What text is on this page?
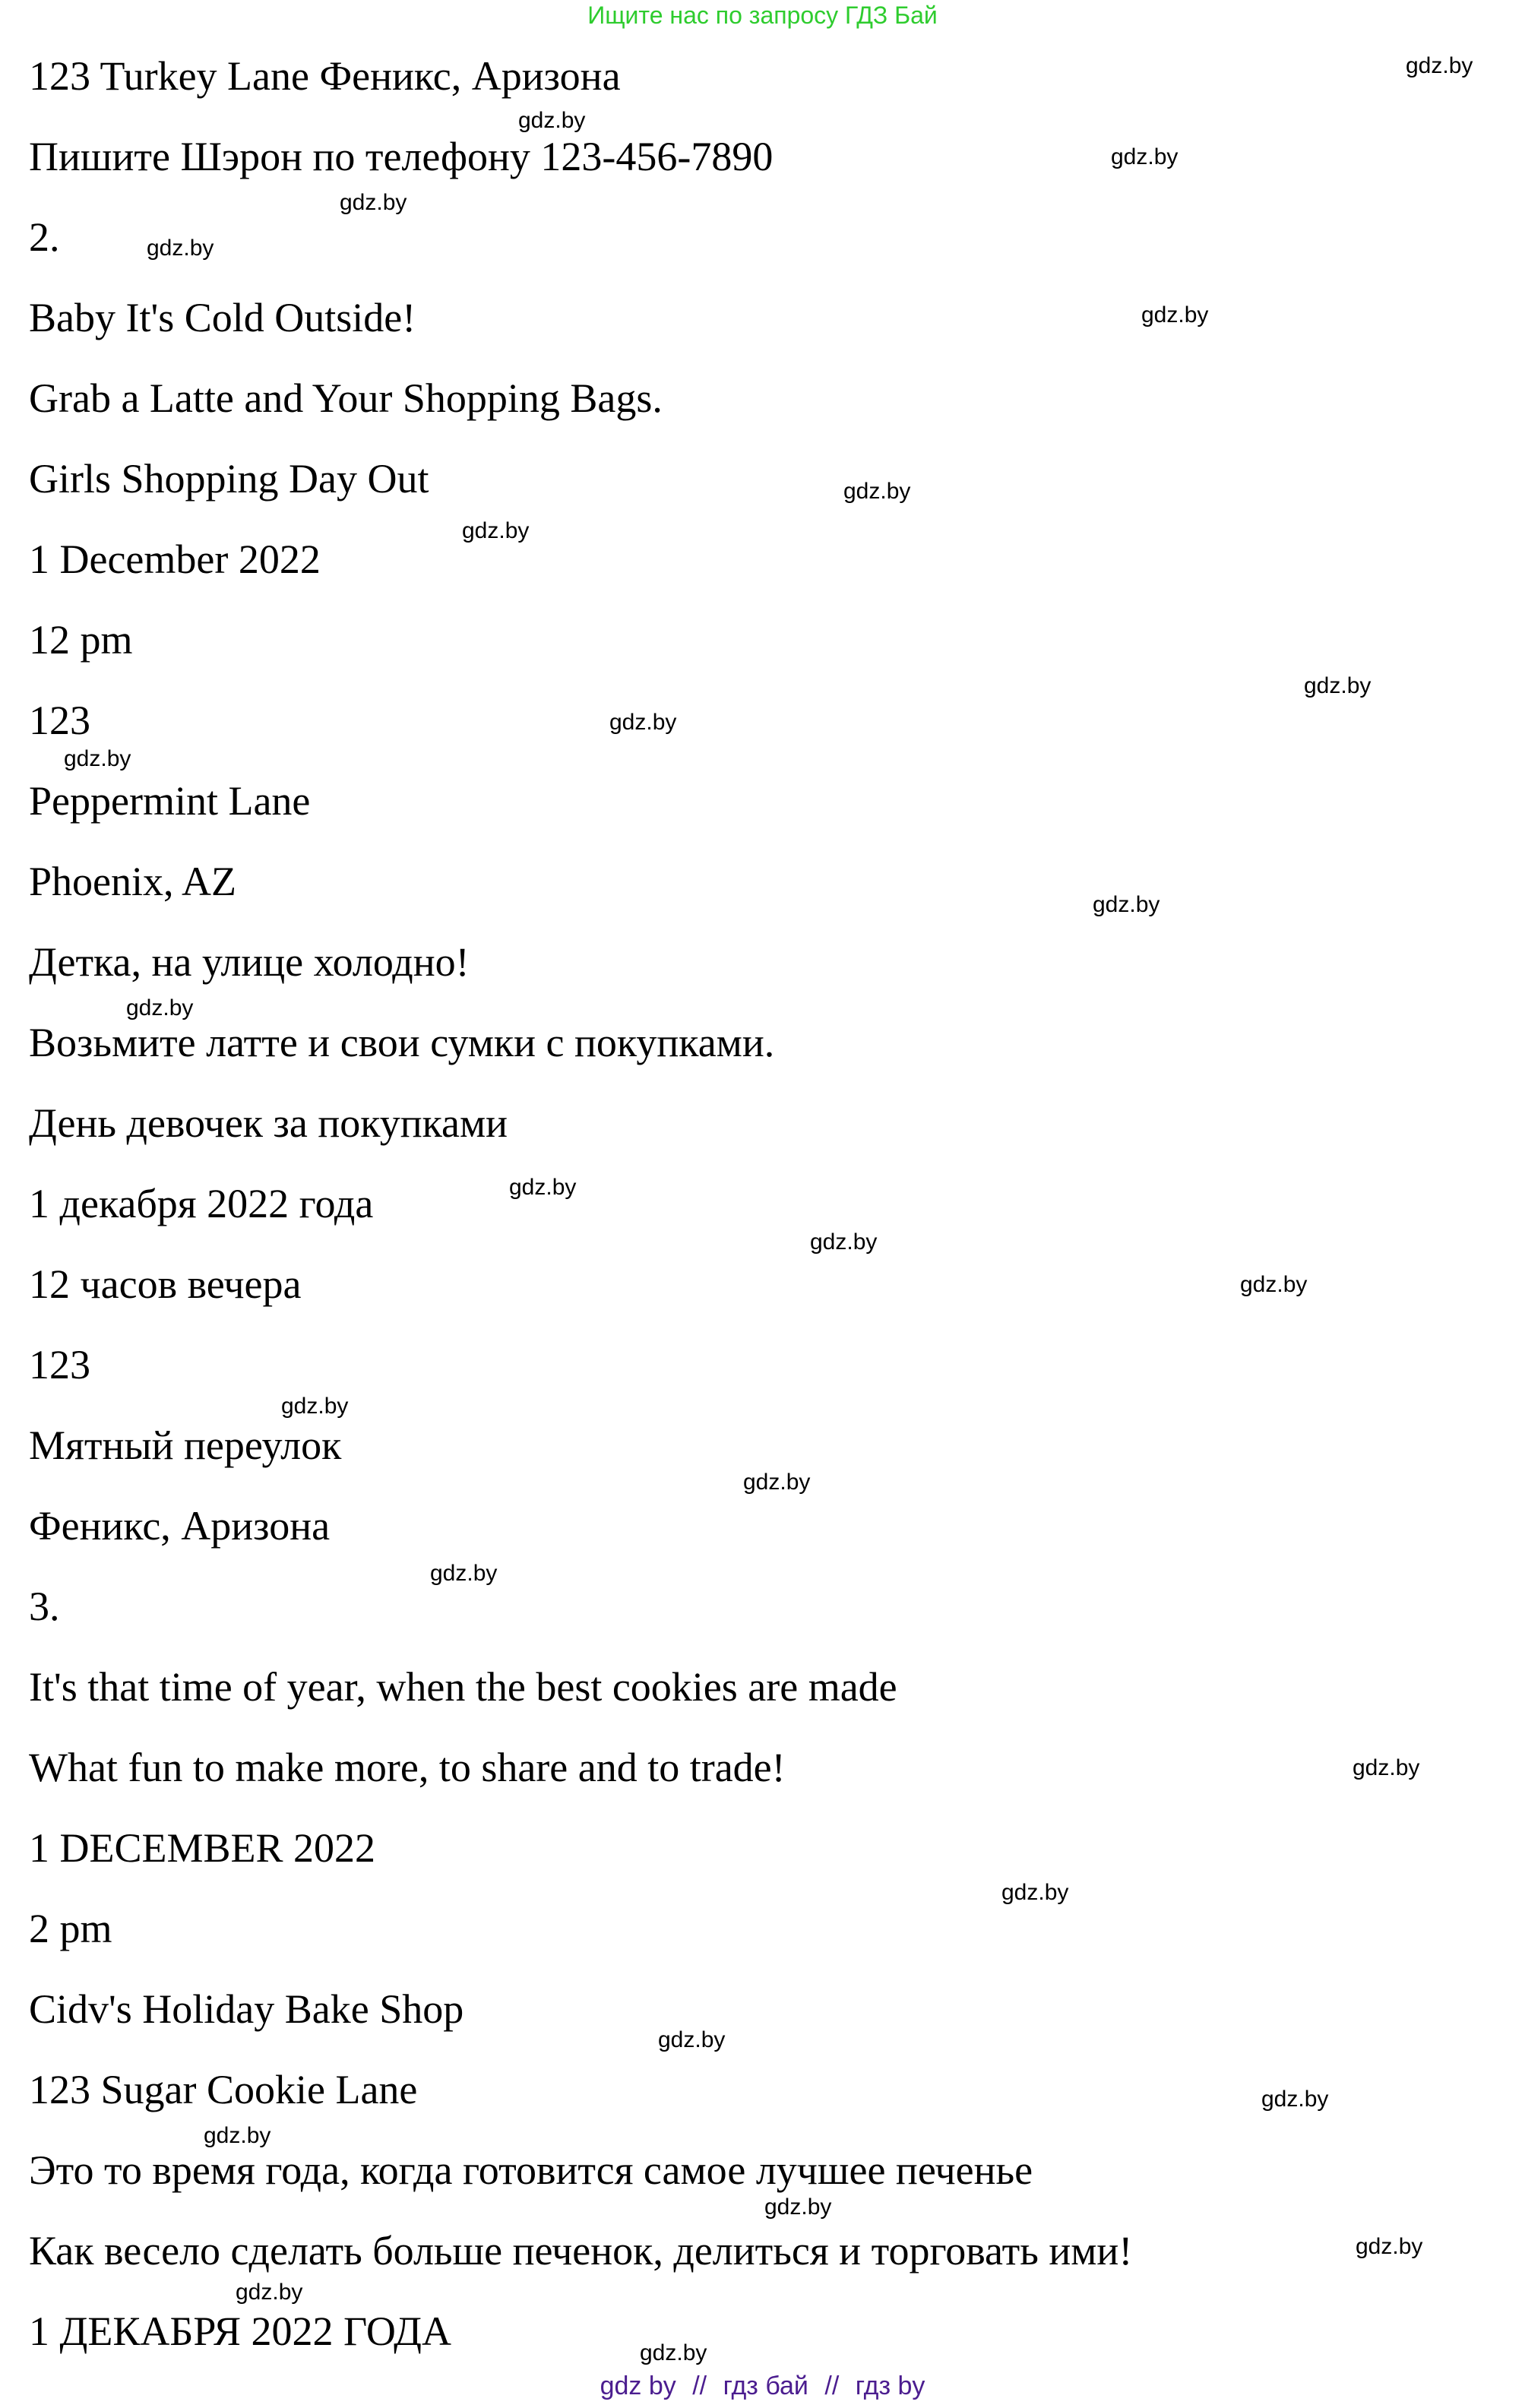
Ищите нас по запросу ГДЗ Бай
123 Turkey Lane Феникс, Аризона
Пишите Шэрон по телефону 123-456-7890
2.
Baby It's Cold Outside!
Grab a Latte and Your Shopping Bags.
Girls Shopping Day Out
1 December 2022
12 pm
123
Peppermint Lane
Phoenix, AZ
Детка, на улице холодно!
Возьмите латте и свои сумки с покупками.
День девочек за покупками
1 декабря 2022 года
12 часов вечера
123
Мятный переулок
Феникс, Аризона
3.
It's that time of year, when the best cookies are made
What fun to make more, to share and to trade!
1 DECEMBER 2022
2 pm
Cidv's Holiday Bake Shop
123 Sugar Cookie Lane
Это то время года, когда готовится самое лучшее печенье
Как весело сделать больше печенок, делиться и торговать ими!
1 ДЕКАБРЯ 2022 ГОДА
gdz.by
gdz.by
gdz.by
gdz.by
gdz.by
gdz.by
gdz.by
gdz.by
gdz.by
gdz.by
gdz.by
gdz.by
gdz.by
gdz.by
gdz.by
gdz.by
gdz.by
gdz.by
gdz.by
gdz.by
gdz.by
gdz.by
gdz.by
gdz.by
gdz.by
gdz.by
gdz.by
gdz.by
gdz by // гдз бай // гдз by
